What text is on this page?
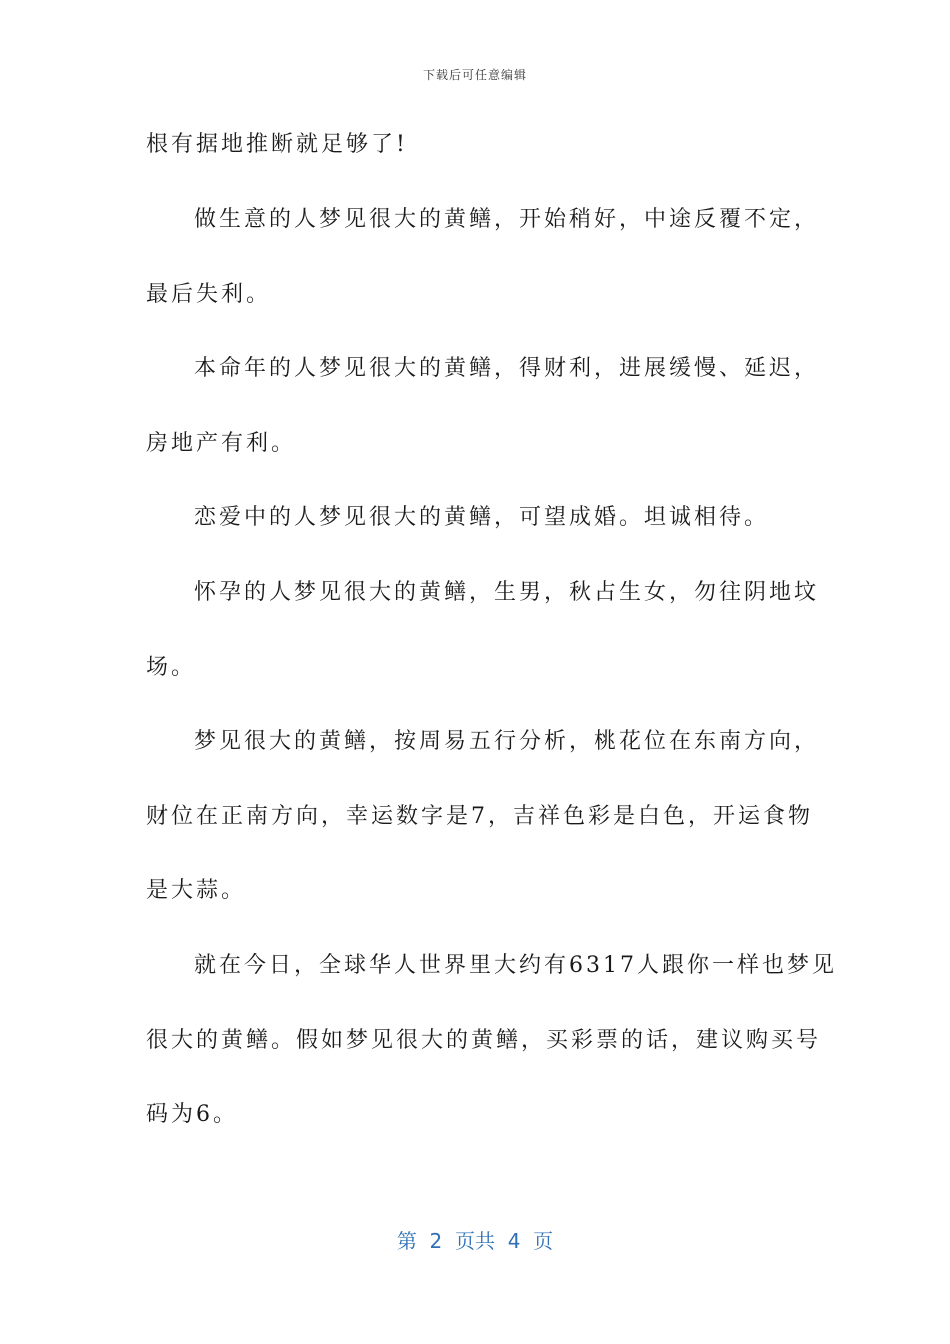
下载后可任意编辑
根有据地推断就足够了!
做生意的人梦见很大的黄鳝，开始稍好，中途反覆不定，
最后失利。
本命年的人梦见很大的黄鳝，得财利，进展缓慢、延迟，
房地产有利。
恋爱中的人梦见很大的黄鳝，可望成婚。坦诚相待。
怀孕的人梦见很大的黄鳝，生男，秋占生女，勿往阴地坟
场。
梦见很大的黄鳝，按周易五行分析，桃花位在东南方向，
财位在正南方向，幸运数字是7，吉祥色彩是白色，开运食物
是大蒜。
就在今日，全球华人世界里大约有6317人跟你一样也梦见
很大的黄鳝。假如梦见很大的黄鳝，买彩票的话，建议购买号
码为6。
第  2  页共  4  页
